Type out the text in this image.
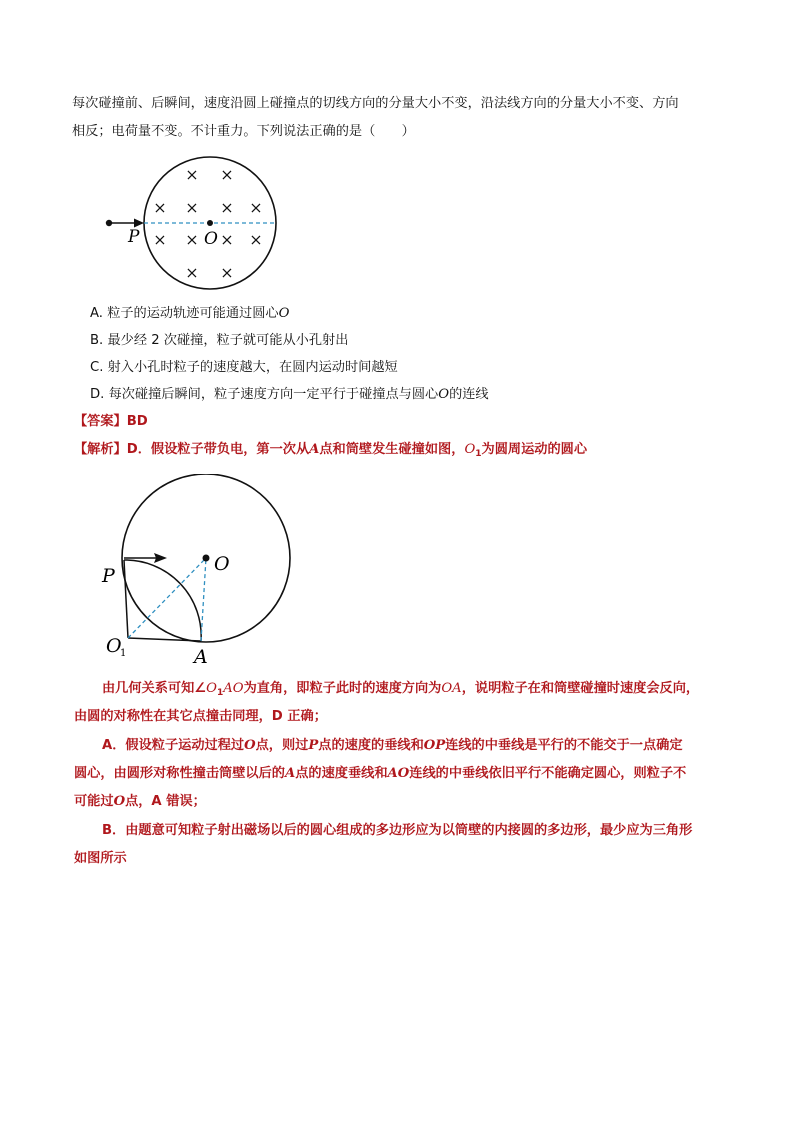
每次碰撞前、后瞬间，速度沿圆上碰撞点的切线方向的分量大小不变，沿法线方向的分量大小不变、方向
相反；电荷量不变。不计重力。下列说法正确的是（　　）
P	O
× ×
× × × ×
× × × ×
× ×
A. 粒子的运动轨迹可能通过圆心O
B. 最少经 2 次碰撞，粒子就可能从小孔射出
C. 射入小孔时粒子的速度越大，在圆内运动时间越短
D. 每次碰撞后瞬间，粒子速度方向一定平行于碰撞点与圆心O的连线
【答案】BD
【解析】D．假设粒子带负电，第一次从A点和筒壁发生碰撞如图，$O_1$为圆周运动的圆心
O
P
O
1	A
由几何关系可知$\angle O_1AO$为直角，即粒子此时的速度方向为OA，说明粒子在和筒壁碰撞时速度会反向，
由圆的对称性在其它点撞击同理，D 正确；
A．假设粒子运动过程过O点，则过P点的速度的垂线和OP连线的中垂线是平行的不能交于一点确定
圆心，由圆形对称性撞击筒壁以后的A点的速度垂线和AO连线的中垂线依旧平行不能确定圆心，则粒子不
可能过O点，A 错误；
B．由题意可知粒子射出磁场以后的圆心组成的多边形应为以筒壁的内接圆的多边形，最少应为三角形
如图所示
